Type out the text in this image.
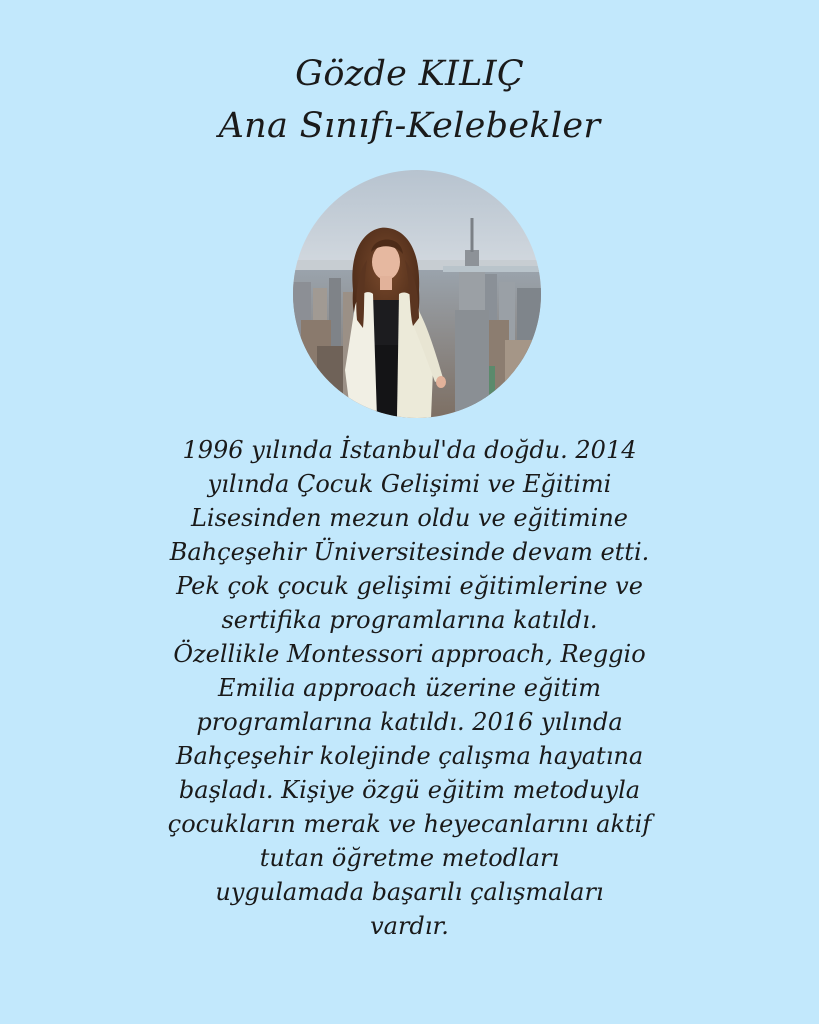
Gözde KILIÇ
Ana Sınıfı-Kelebekler
1996 yılında İstanbul'da doğdu. 2014
yılında Çocuk Gelişimi ve Eğitimi
Lisesinden mezun oldu ve eğitimine
Bahçeşehir Üniversitesinde devam etti.
Pek çok çocuk gelişimi eğitimlerine ve
sertifika programlarına katıldı.
Özellikle Montessori approach, Reggio
Emilia approach üzerine eğitim
programlarına katıldı. 2016 yılında
Bahçeşehir kolejinde çalışma hayatına
başladı. Kişiye özgü eğitim metoduyla
çocukların merak ve heyecanlarını aktif
tutan öğretme metodları
uygulamada başarılı çalışmaları
vardır.
